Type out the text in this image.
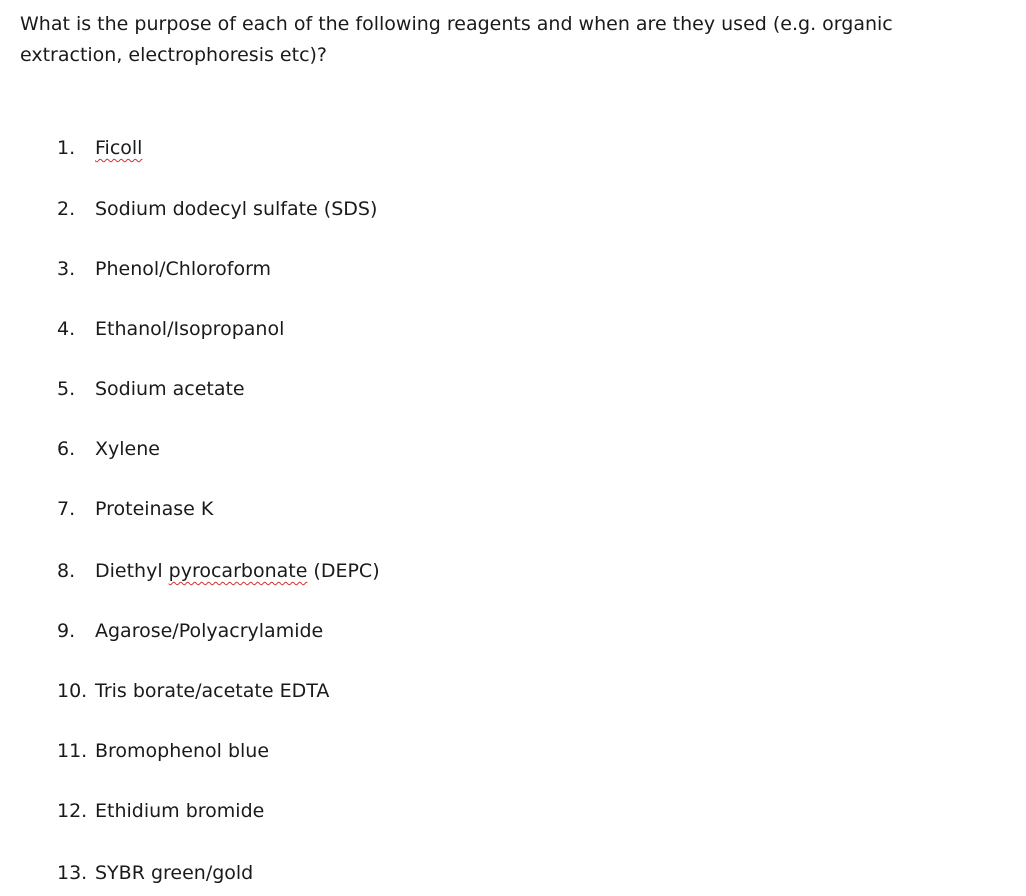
What is the purpose of each of the following reagents and when are they used (e.g. organic extraction, electrophoresis etc)?

1. Ficoll
2. Sodium dodecyl sulfate (SDS)
3. Phenol/Chloroform
4. Ethanol/Isopropanol
5. Sodium acetate
6. Xylene
7. Proteinase K
8. Diethyl pyrocarbonate (DEPC)
9. Agarose/Polyacrylamide
10. Tris borate/acetate EDTA
11. Bromophenol blue
12. Ethidium bromide
13. SYBR green/gold
